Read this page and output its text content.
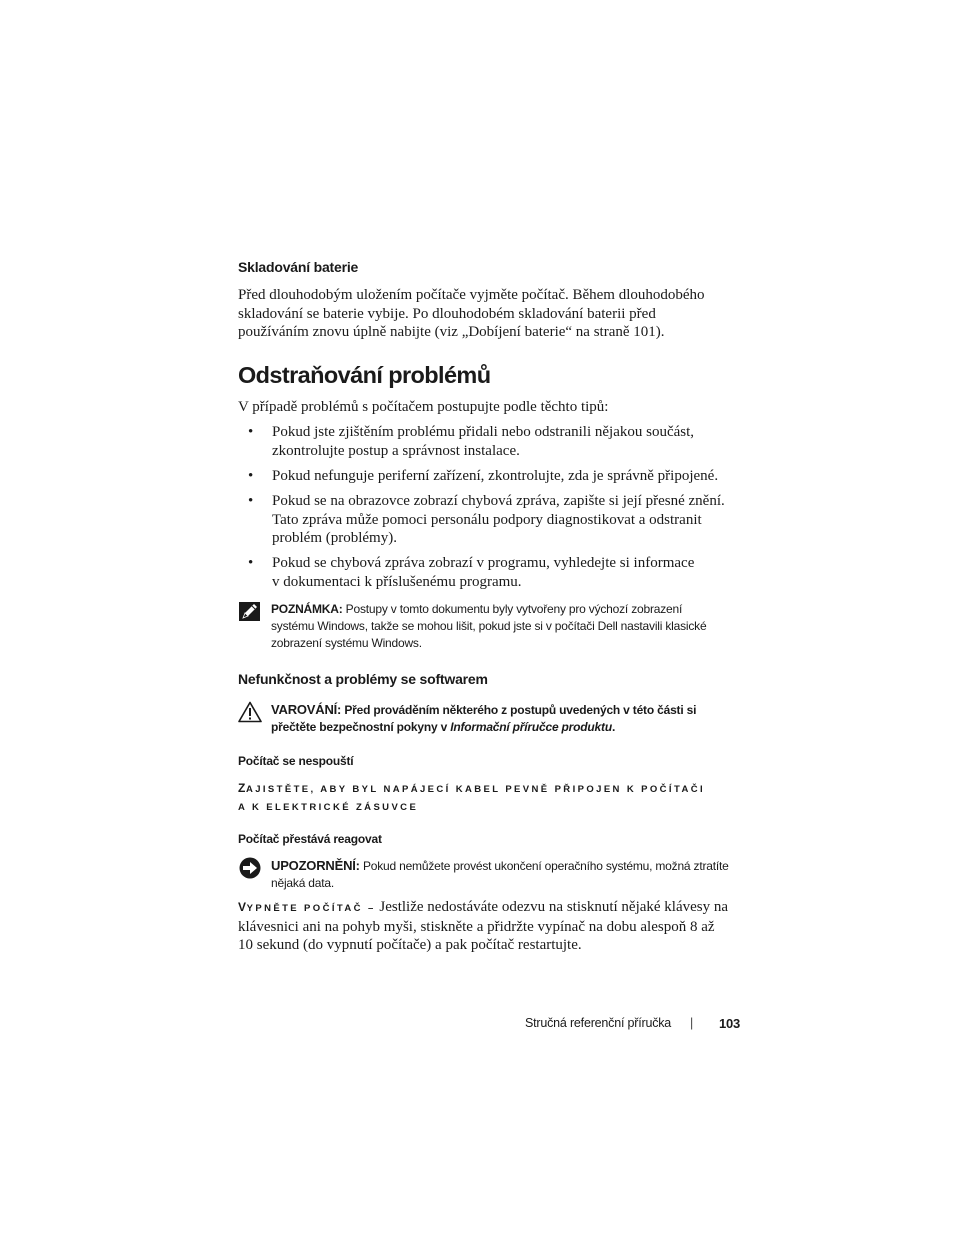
Skladování baterie
Před dlouhodobým uložením počítače vyjměte počítač. Během dlouhodobého
skladování se baterie vybije. Po dlouhodobém skladování baterii před
používáním znovu úplně nabijte (viz „Dobíjení baterie“ na straně 101).
Odstraňování problémů
V případě problémů s počítačem postupujte podle těchto tipů:
• Pokud jste zjištěním problému přidali nebo odstranili nějakou součást,
zkontrolujte postup a správnost instalace.
• Pokud nefunguje periferní zařízení, zkontrolujte, zda je správně připojené.
• Pokud se na obrazovce zobrazí chybová zpráva, zapište si její přesné znění.
Tato zpráva může pomoci personálu podpory diagnostikovat a odstranit
problém (problémy).
• Pokud se chybová zpráva zobrazí v programu, vyhledejte si informace
v dokumentaci k příslušenému programu.
POZNÁMKA: Postupy v tomto dokumentu byly vytvořeny pro výchozí zobrazení
systému Windows, takže se mohou lišit, pokud jste si v počítači Dell nastavili klasické
zobrazení systému Windows.
Nefunkčnost a problémy se softwarem
VAROVÁNÍ: Před prováděním některého z postupů uvedených v této části si
přečtěte bezpečnostní pokyny v Informační příručce produktu.
Počítač se nespouští
ZAJISTĚTE, ABY BYL NAPÁJECÍ KABEL PEVNĚ PŘIPOJEN K POČÍTAČI
A K ELEKTRICKÉ ZÁSUVCE
Počítač přestává reagovat
UPOZORNĚNÍ: Pokud nemůžete provést ukončení operačního systému, možná ztratíte
nějaká data.
VYPNĚTE POČÍTAČ – Jestliže nedostáváte odezvu na stisknutí nějaké klávesy na
klávesnici ani na pohyb myši, stiskněte a přidržte vypínač na dobu alespoň 8 až
10 sekund (do vypnutí počítače) a pak počítač restartujte.
Stručná referenční příručka | 103
